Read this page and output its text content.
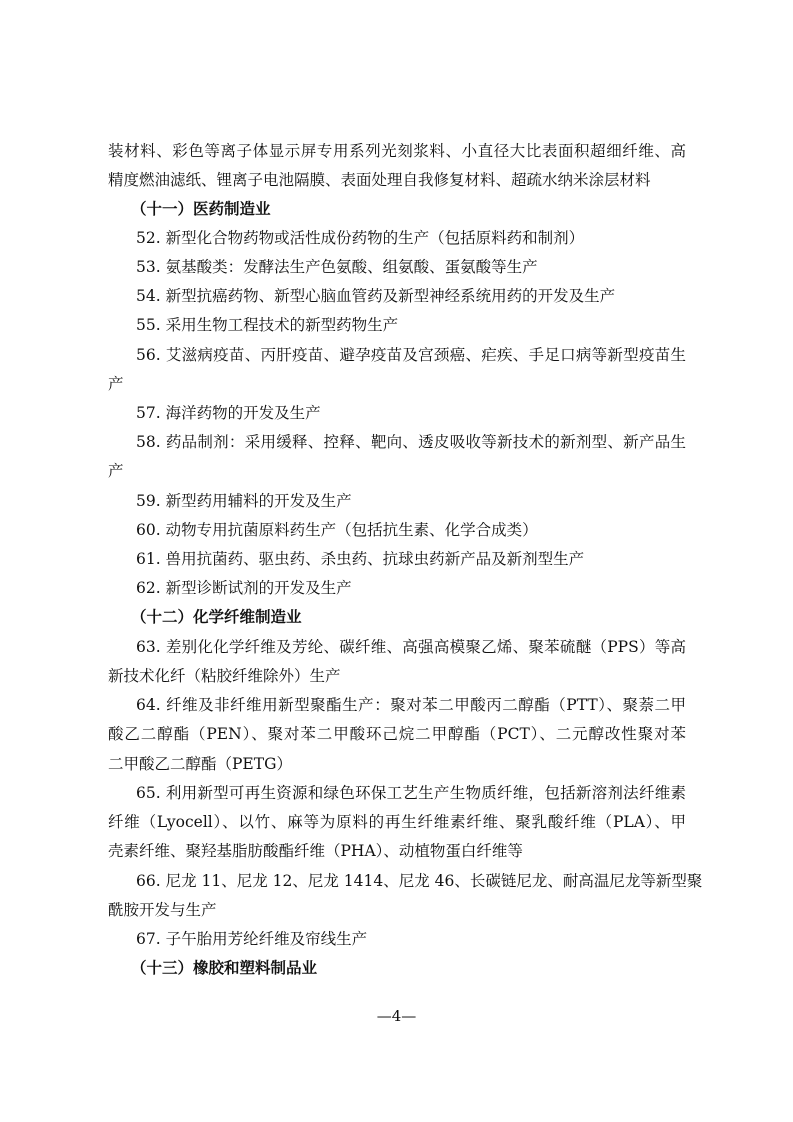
装材料、彩色等离子体显示屏专用系列光刻浆料、小直径大比表面积超细纤维、高
精度燃油滤纸、锂离子电池隔膜、表面处理自我修复材料、超疏水纳米涂层材料
（十一）医药制造业
52. 新型化合物药物或活性成份药物的生产（包括原料药和制剂）
53. 氨基酸类：发酵法生产色氨酸、组氨酸、蛋氨酸等生产
54. 新型抗癌药物、新型心脑血管药及新型神经系统用药的开发及生产
55. 采用生物工程技术的新型药物生产
56. 艾滋病疫苗、丙肝疫苗、避孕疫苗及宫颈癌、疟疾、手足口病等新型疫苗生
产
57. 海洋药物的开发及生产
58. 药品制剂：采用缓释、控释、靶向、透皮吸收等新技术的新剂型、新产品生
产
59. 新型药用辅料的开发及生产
60. 动物专用抗菌原料药生产（包括抗生素、化学合成类）
61. 兽用抗菌药、驱虫药、杀虫药、抗球虫药新产品及新剂型生产
62. 新型诊断试剂的开发及生产
（十二）化学纤维制造业
63. 差别化化学纤维及芳纶、碳纤维、高强高模聚乙烯、聚苯硫醚（PPS）等高
新技术化纤（粘胶纤维除外）生产
64. 纤维及非纤维用新型聚酯生产：聚对苯二甲酸丙二醇酯（PTT）、聚萘二甲
酸乙二醇酯（PEN）、聚对苯二甲酸环己烷二甲醇酯（PCT）、二元醇改性聚对苯
二甲酸乙二醇酯（PETG）
65. 利用新型可再生资源和绿色环保工艺生产生物质纤维，包括新溶剂法纤维素
纤维（Lyocell）、以竹、麻等为原料的再生纤维素纤维、聚乳酸纤维（PLA）、甲
壳素纤维、聚羟基脂肪酸酯纤维（PHA）、动植物蛋白纤维等
66. 尼龙 11、尼龙 12、尼龙 1414、尼龙 46、长碳链尼龙、耐高温尼龙等新型聚
酰胺开发与生产
67. 子午胎用芳纶纤维及帘线生产
（十三）橡胶和塑料制品业
—4—
